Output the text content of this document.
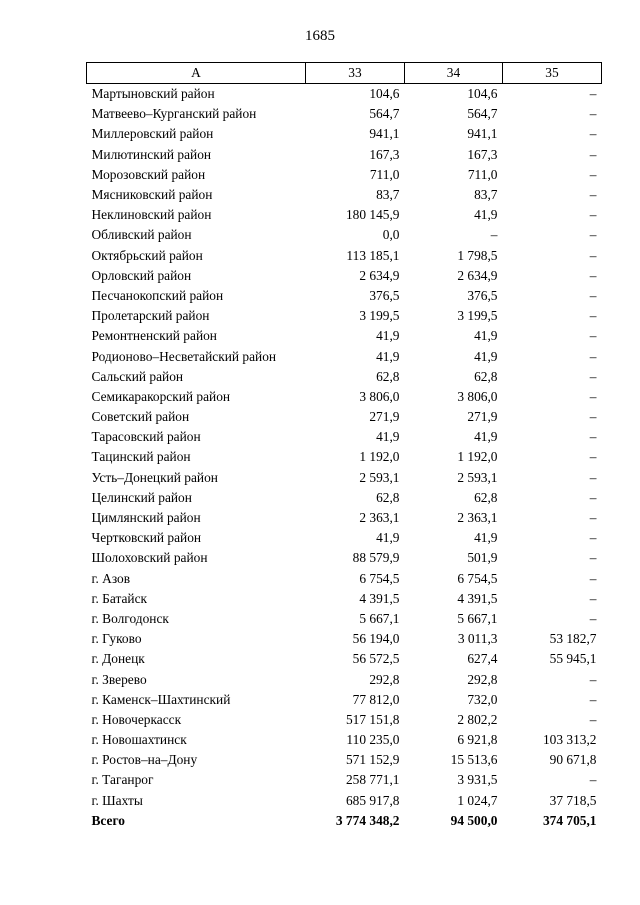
1685
А	33	34	35
Мартыновский район	104,6	104,6	–
Матвеево–Курганский район	564,7	564,7	–
Миллеровский район	941,1	941,1	–
Милютинский район	167,3	167,3	–
Морозовский район	711,0	711,0	–
Мясниковский район	83,7	83,7	–
Неклиновский район	180 145,9	41,9	–
Обливский район	0,0	–	–
Октябрьский район	113 185,1	1 798,5	–
Орловский район	2 634,9	2 634,9	–
Песчанокопский район	376,5	376,5	–
Пролетарский район	3 199,5	3 199,5	–
Ремонтненский район	41,9	41,9	–
Родионово–Несветайский район	41,9	41,9	–
Сальский район	62,8	62,8	–
Семикаракорский район	3 806,0	3 806,0	–
Советский район	271,9	271,9	–
Тарасовский район	41,9	41,9	–
Тацинский район	1 192,0	1 192,0	–
Усть–Донецкий район	2 593,1	2 593,1	–
Целинский район	62,8	62,8	–
Цимлянский район	2 363,1	2 363,1	–
Чертковский район	41,9	41,9	–
Шолоховский район	88 579,9	501,9	–
г. Азов	6 754,5	6 754,5	–
г. Батайск	4 391,5	4 391,5	–
г. Волгодонск	5 667,1	5 667,1	–
г. Гуково	56 194,0	3 011,3	53 182,7
г. Донецк	56 572,5	627,4	55 945,1
г. Зверево	292,8	292,8	–
г. Каменск–Шахтинский	77 812,0	732,0	–
г. Новочеркасск	517 151,8	2 802,2	–
г. Новошахтинск	110 235,0	6 921,8	103 313,2
г. Ростов–на–Дону	571 152,9	15 513,6	90 671,8
г. Таганрог	258 771,1	3 931,5	–
г. Шахты	685 917,8	1 024,7	37 718,5
Всего	3 774 348,2	94 500,0	374 705,1
